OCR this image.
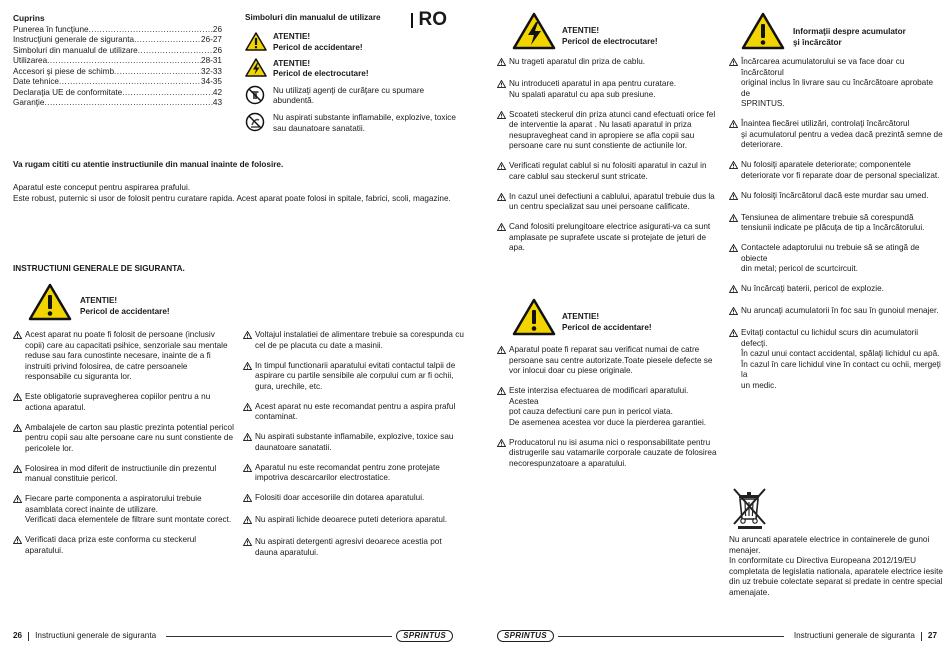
Cuprins
Punerea în funcţiune .....	26
Instrucţiuni generale de siguranta .....	26-27
Simboluri din manualul de utilizare .....	26
Utilizarea .....	28-31
Accesori şi piese de schimb .....	32-33
Date tehnice .....	34-35
Declaraţia UE de conformitate .....	42
Garanţie .....	43
Simboluri din manualul de utilizare
ATENTIE!
Pericol de accidentare!
ATENTIE!
Pericol de electrocutare!
Nu utilizaţi agenţi de curăţare cu spumare
abundentă.
Nu aspirati substante inflamabile, explozive, toxice
sau daunatoare sanatatii.
RO
Va rugam cititi cu atentie instructiunile din manual inainte de folosire.
Aparatul este conceput pentru aspirarea prafului.
Este robust, puternic si usor de folosit pentru curatare rapida. Acest aparat poate folosi in spitale, fabrici, scoli, magazine.
INSTRUCTIUNI GENERALE DE SIGURANTA.
ATENTIE!
Pericol de accidentare!
Acest aparat nu poate fi folosit de persoane (inclusiv
copii) care au capacitati psihice, senzoriale sau mentale
reduse sau fara cunostinte necesare, inainte de a fi
instruiti privind folosirea, de catre persoanele
responsabile cu siguranta lor.
Este obligatorie supravegherea copiilor pentru a nu
actiona aparatul.
Ambalajele de carton sau plastic prezinta potential pericol
pentru copii sau alte persoane care nu sunt constiente de
pericolele lor.
Folosirea in mod diferit de instructiunile din prezentul
manual constituie pericol.
Fiecare parte componenta a aspiratorului trebuie
asamblata corect inainte de utilizare.
Verificati daca elementele de filtrare sunt montate corect.
Verificati daca priza este conforma cu steckerul
aparatului.
Voltajul instalatiei de alimentare trebuie sa corespunda cu
cel de pe placuta cu date a masinii.
In timpul functionarii aparatului evitati contactul talpii de
aspirare cu partile sensibile ale corpului cum ar fi ochii,
gura, urechile, etc.
Acest aparat nu este recomandat pentru a aspira praful
contaminat.
Nu aspirati substante inflamabile, explozive, toxice sau
daunatoare sanatatii.
Aparatul nu este recomandat pentru zone protejate
impotriva descarcarilor electrostatice.
Folositi doar accesoriile din dotarea aparatului.
Nu aspirati lichide deoarece puteti deteriora aparatul.
Nu aspirati detergenti agresivi deoarece acestia pot
dauna aparatului.
26 Instructiuni generale de siguranta	SPRINTUS
ATENTIE!
Pericol de electrocutare!
Nu trageti aparatul din priza de cablu.
Nu introduceti aparatul in apa pentru curatare.
Nu spalati aparatul cu apa sub presiune.
Scoateti steckerul din priza atunci cand efectuati orice fel
de interventie la aparat . Nu lasati aparatul in priza
nesupravegheat cand in apropiere se afla copii sau
persoane care nu sunt constiente de actiunile lor.
Verificati regulat cablul si nu folositi aparatul in cazul in
care cablul sau steckerul sunt stricate.
In cazul unei defectiuni a cablului, aparatul trebuie dus la
un centru specializat sau unei persoane calificate.
Cand folositi prelungitoare electrice asigurati-va ca sunt
amplasate pe suprafete uscate si protejate de jeturi de
apa.
ATENTIE!
Pericol de accidentare!
Aparatul poate fi reparat sau verificat numai de catre
persoane sau centre autorizate.Toate piesele defecte se
vor inlocui doar cu piese originale.
Este interzisa efectuarea de modificari aparatului. Acestea
pot cauza defectiuni care pun in pericol viata.
De asemenea acestea vor duce la pierderea garantiei.
Producatorul nu isi asuma nici o responsabilitate pentru
distrugerile sau vatamarile corporale cauzate de folosirea
necorespunzatoare a aparatului.
Informaţii despre acumulator
şi încărcător
Încărcarea acumulatorului se va face doar cu încărcătorul
original inclus în livrare sau cu încărcătoare aprobate de
SPRINTUS.
Înaintea fiecărei utilizări, controlaţi încărcătorul
şi acumulatorul pentru a vedea dacă prezintă semne de
deteriorare.
Nu folosiţi aparatele deteriorate; componentele
deteriorate vor fi reparate doar de personal specializat.
Nu folosiţi încărcătorul dacă este murdar sau umed.
Tensiunea de alimentare trebuie să corespundă
tensiunii indicate pe plăcuţa de tip a încărcătorului.
Contactele adaptorului nu trebuie să se atingă de obiecte
din metal; pericol de scurtcircuit.
Nu încărcaţi baterii, pericol de explozie.
Nu aruncaţi acumulatorii în foc sau în gunoiul menajer.
Evitaţi contactul cu lichidul scurs din acumulatorii defecţi.
În cazul unui contact accidental, spălaţi lichidul cu apă.
În cazul în care lichidul vine în contact cu ochii, mergeţi la
un medic.
Nu aruncati aparatele electrice in containerele de gunoi
menajer.
In conformitate cu Directiva Europeana 2012/19/EU
completata de legislatia nationala, aparatele electrice iesite
din uz trebuie colectate separat si predate in centre special
amenajate.
SPRINTUS	Instructiuni generale de siguranta 27
